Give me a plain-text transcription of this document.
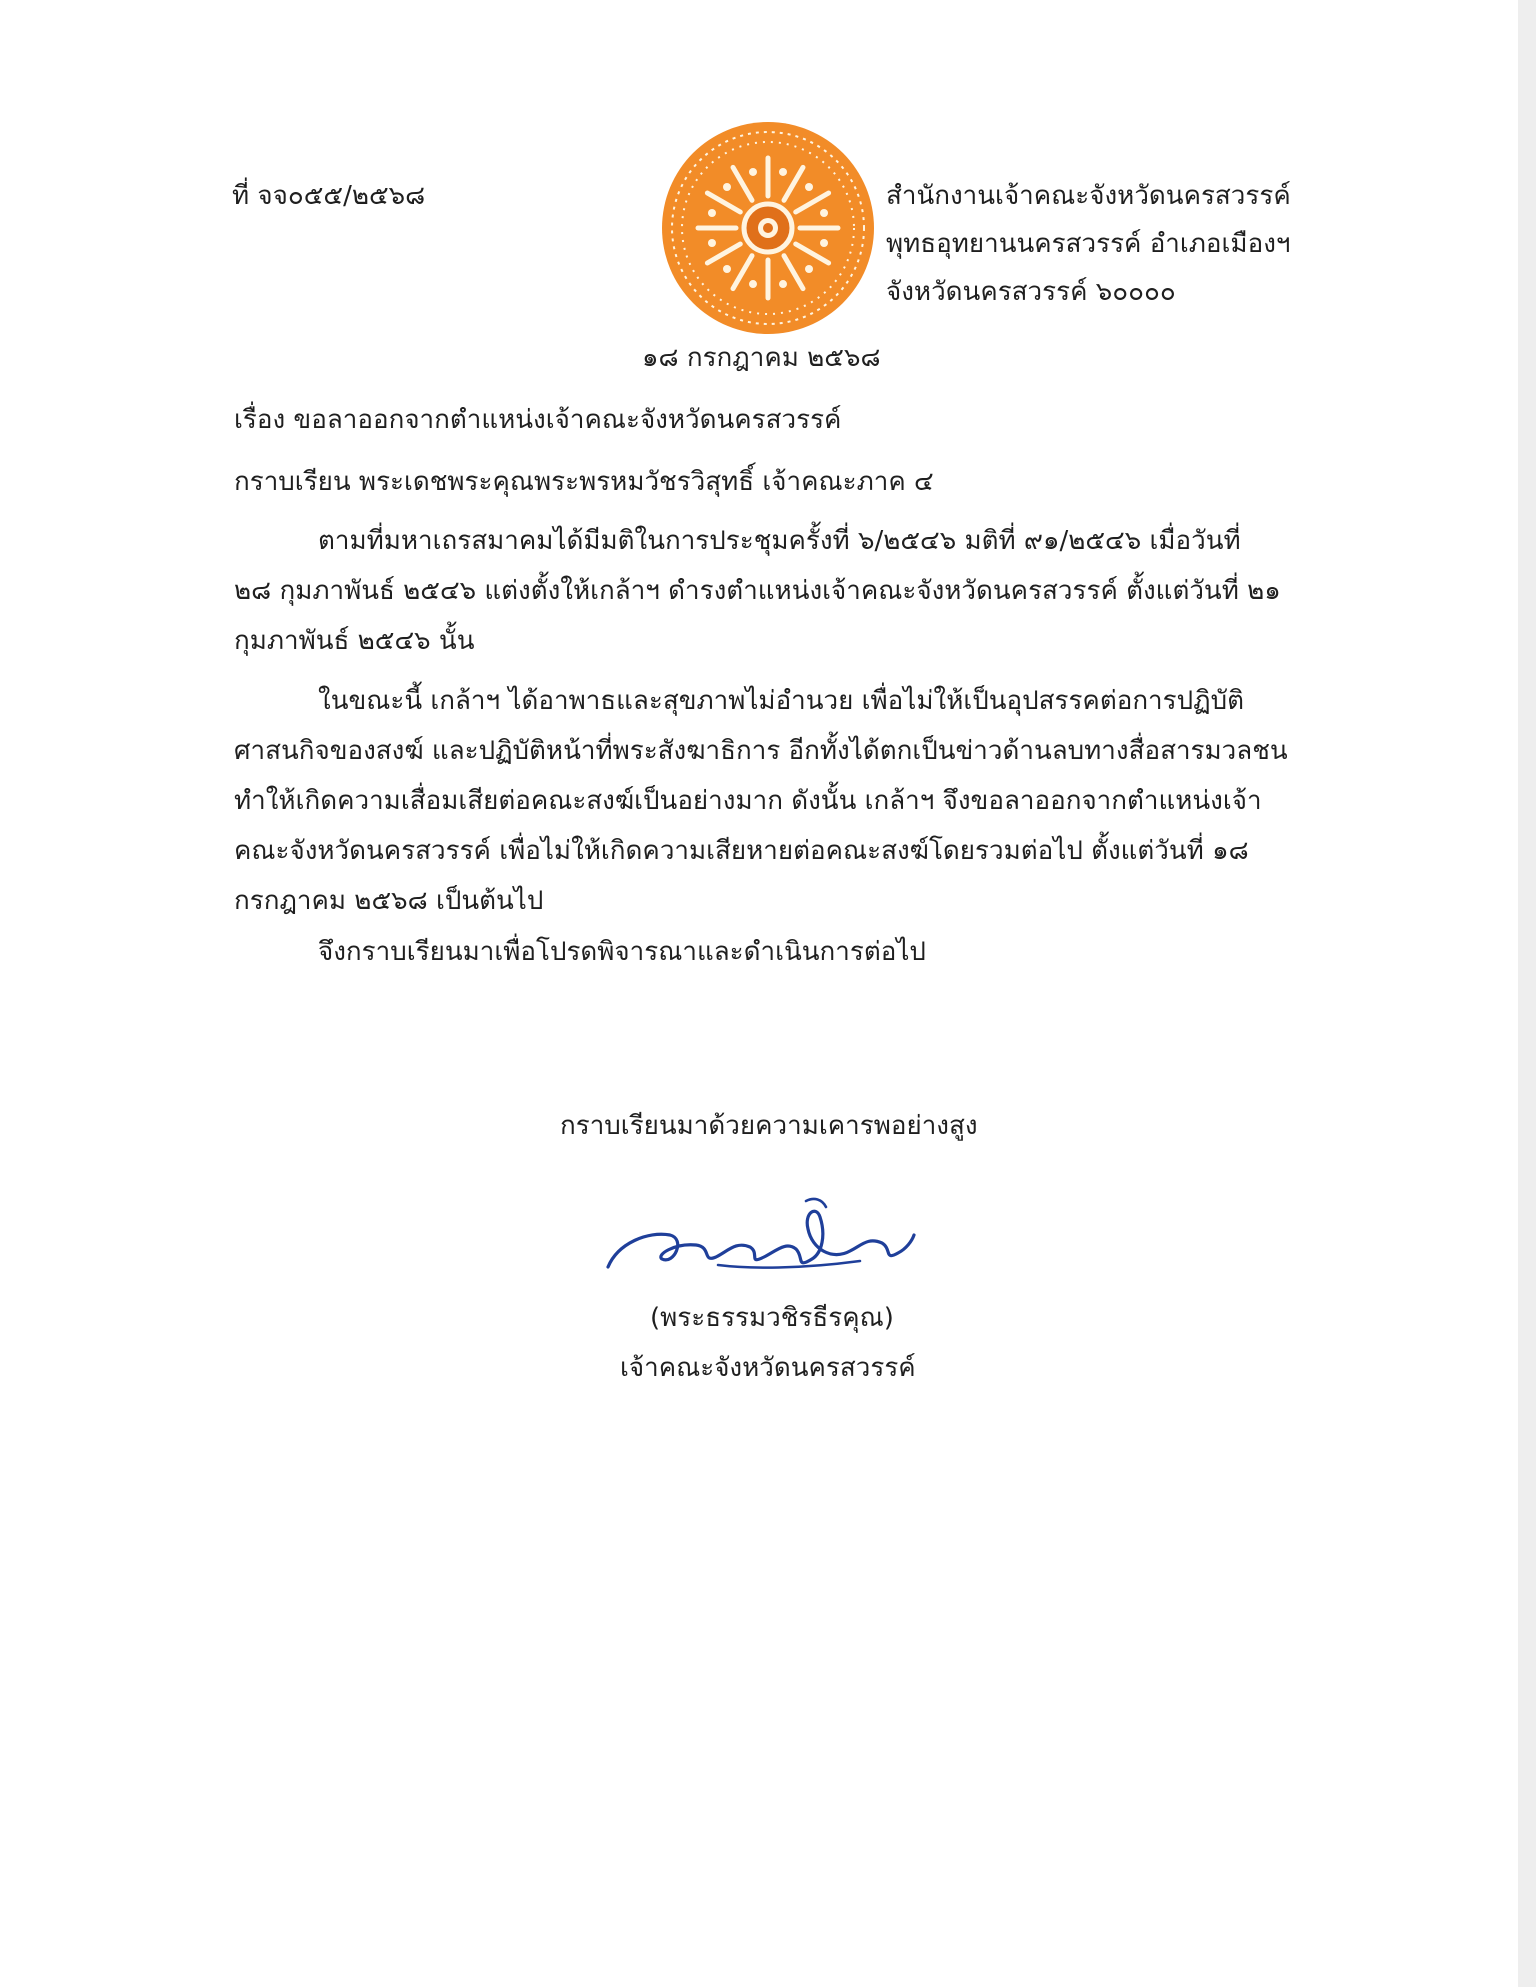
ที่ จจ๐๕๕/๒๕๖๘	สำนักงานเจ้าคณะจังหวัดนครสวรรค์
พุทธอุทยานนครสวรรค์ อำเภอเมืองฯ
จังหวัดนครสวรรค์ ๖๐๐๐๐
๑๘ กรกฎาคม ๒๕๖๘
เรื่อง ขอลาออกจากตำแหน่งเจ้าคณะจังหวัดนครสวรรค์
กราบเรียน พระเดชพระคุณพระพรหมวัชรวิสุทธิ์ เจ้าคณะภาค ๔
ตามที่มหาเถรสมาคมได้มีมติในการประชุมครั้งที่ ๖/๒๕๔๖ มติที่ ๙๑/๒๕๔๖ เมื่อวันที่
๒๘ กุมภาพันธ์ ๒๕๔๖ แต่งตั้งให้เกล้าฯ ดำรงตำแหน่งเจ้าคณะจังหวัดนครสวรรค์ ตั้งแต่วันที่ ๒๑
กุมภาพันธ์ ๒๕๔๖ นั้น
ในขณะนี้ เกล้าฯ ได้อาพาธและสุขภาพไม่อำนวย เพื่อไม่ให้เป็นอุปสรรคต่อการปฏิบัติ
ศาสนกิจของสงฆ์ และปฏิบัติหน้าที่พระสังฆาธิการ อีกทั้งได้ตกเป็นข่าวด้านลบทางสื่อสารมวลชน
ทำให้เกิดความเสื่อมเสียต่อคณะสงฆ์เป็นอย่างมาก ดังนั้น เกล้าฯ จึงขอลาออกจากตำแหน่งเจ้า
คณะจังหวัดนครสวรรค์ เพื่อไม่ให้เกิดความเสียหายต่อคณะสงฆ์โดยรวมต่อไป ตั้งแต่วันที่ ๑๘
กรกฎาคม ๒๕๖๘ เป็นต้นไป
จึงกราบเรียนมาเพื่อโปรดพิจารณาและดำเนินการต่อไป
กราบเรียนมาด้วยความเคารพอย่างสูง
(พระธรรมวชิรธีรคุณ)
เจ้าคณะจังหวัดนครสวรรค์
